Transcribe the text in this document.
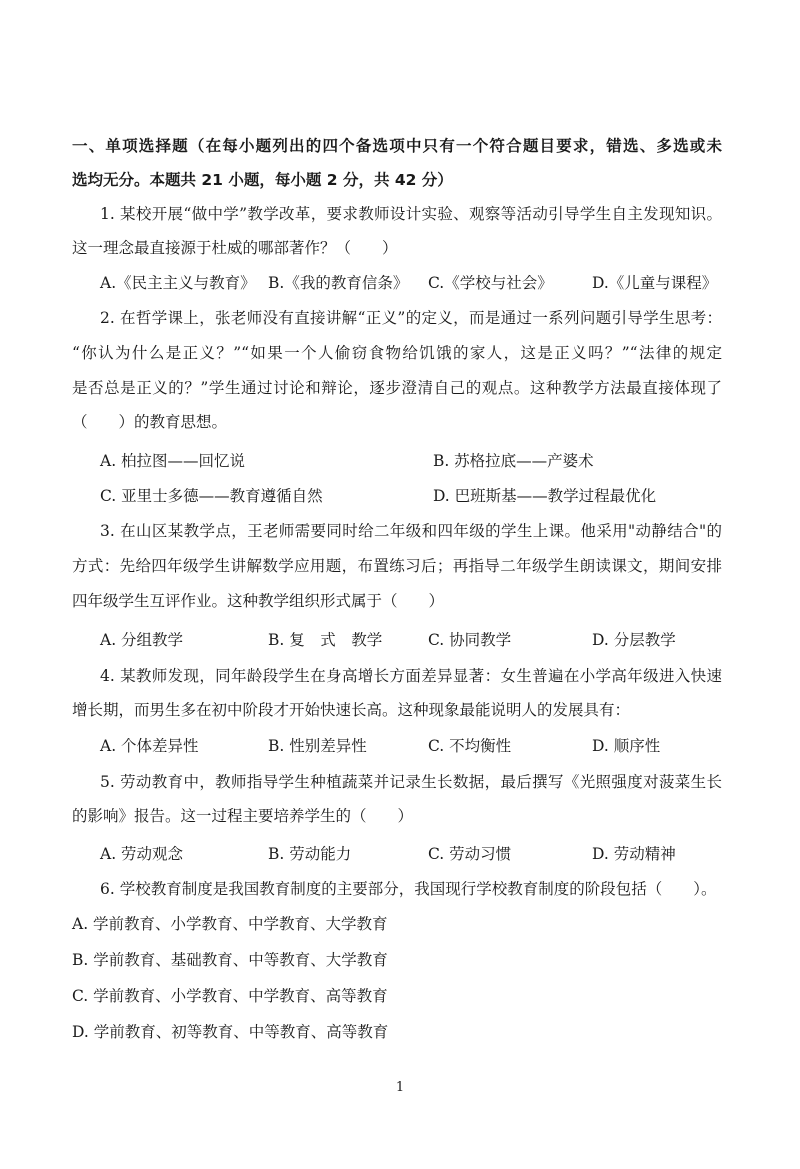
一、单项选择题（在每小题列出的四个备选项中只有一个符合题目要求，错选、多选或未
选均无分。本题共 21 小题，每小题 2 分，共 42 分）
1. 某校开展“做中学”教学改革，要求教师设计实验、观察等活动引导学生自主发现知识。
这一理念最直接源于杜威的哪部著作？（　　）
A.《民主主义与教育》 B.《我的教育信条》	C.《学校与社会》	D.《儿童与课程》
2. 在哲学课上，张老师没有直接讲解“正义”的定义，而是通过一系列问题引导学生思考：
“你认为什么是正义？”“如果一个人偷窃食物给饥饿的家人，这是正义吗？”“法律的规定
是否总是正义的？”学生通过讨论和辩论，逐步澄清自己的观点。这种教学方法最直接体现了
（　　）的教育思想。
A. 柏拉图——回忆说	B. 苏格拉底——产婆术
C. 亚里士多德——教育遵循自然	D. 巴班斯基——教学过程最优化
3. 在山区某教学点，王老师需要同时给二年级和四年级的学生上课。他采用"动静结合"的
方式：先给四年级学生讲解数学应用题，布置练习后；再指导二年级学生朗读课文，期间安排
四年级学生互评作业。这种教学组织形式属于（　　）
A. 分组教学	B. 复　式　教学	C. 协同教学	D. 分层教学
4. 某教师发现，同年龄段学生在身高增长方面差异显著：女生普遍在小学高年级进入快速
增长期，而男生多在初中阶段才开始快速长高。这种现象最能说明人的发展具有：
A. 个体差异性	B. 性别差异性	C. 不均衡性	D. 顺序性
5. 劳动教育中，教师指导学生种植蔬菜并记录生长数据，最后撰写《光照强度对菠菜生长
的影响》报告。这一过程主要培养学生的（　　）
A. 劳动观念	B. 劳动能力	C. 劳动习惯	D. 劳动精神
6. 学校教育制度是我国教育制度的主要部分，我国现行学校教育制度的阶段包括（　　）。
A. 学前教育、小学教育、中学教育、大学教育
B. 学前教育、基础教育、中等教育、大学教育
C. 学前教育、小学教育、中学教育、高等教育
D. 学前教育、初等教育、中等教育、高等教育
1
